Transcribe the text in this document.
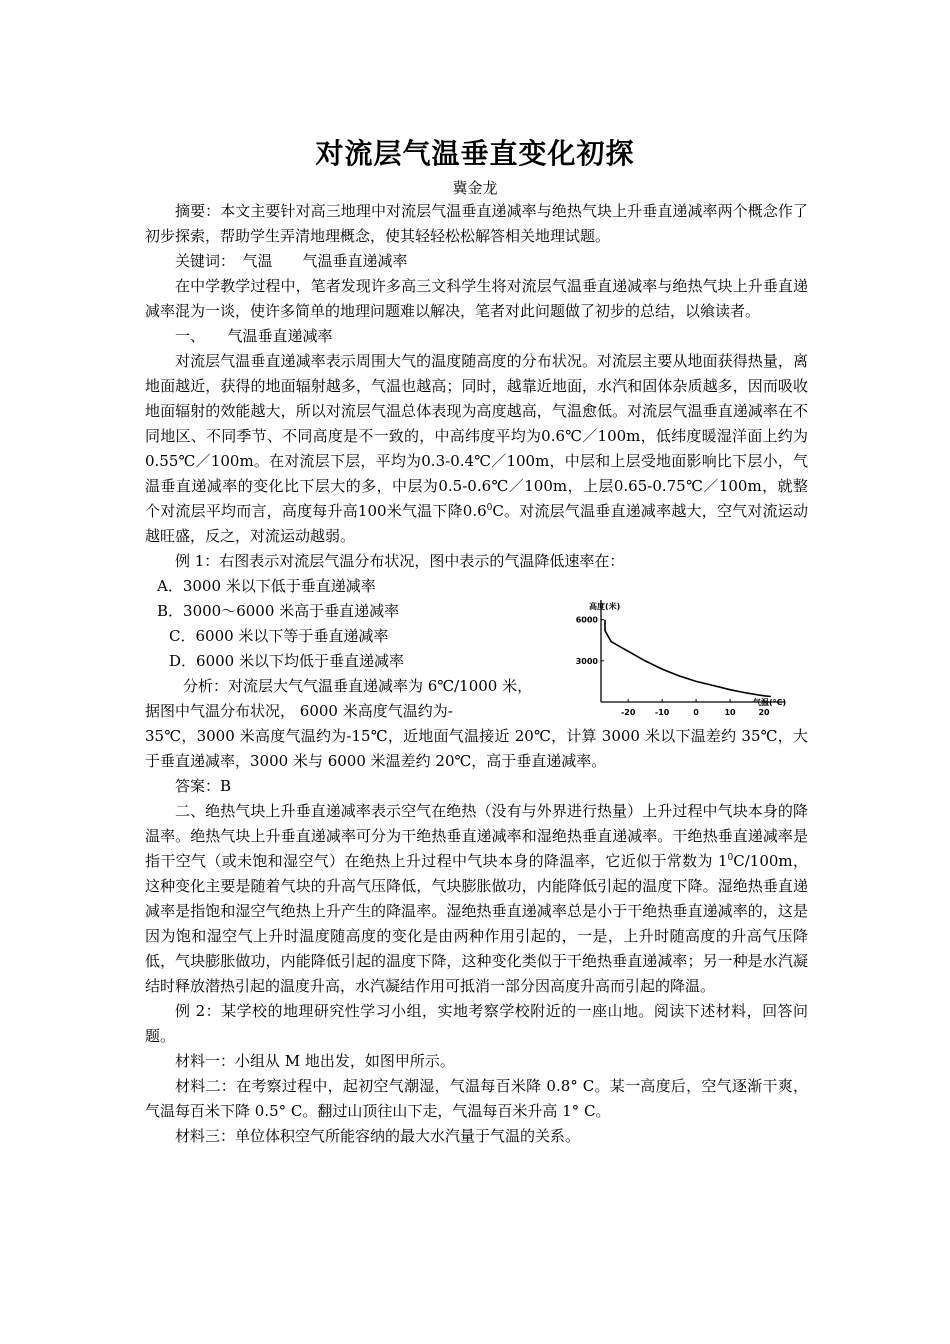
对流层气温垂直变化初探
冀金龙

摘要：本文主要针对高三地理中对流层气温垂直递减率与绝热气块上升垂直递减率两个概念作了初步探索，帮助学生弄清地理概念，使其轻轻松松解答相关地理试题。

关键词：　气温　　气温垂直递减率

在中学教学过程中，笔者发现许多高三文科学生将对流层气温垂直递减率与绝热气块上升垂直递减率混为一谈，使许多简单的地理问题难以解决，笔者对此问题做了初步的总结，以飨读者。

一、　　气温垂直递减率

对流层气温垂直递减率表示周围大气的温度随高度的分布状况。对流层主要从地面获得热量，离地面越近，获得的地面辐射越多，气温也越高；同时，越靠近地面，水汽和固体杂质越多，因而吸收地面辐射的效能越大，所以对流层气温总体表现为高度越高，气温愈低。对流层气温垂直递减率在不同地区、不同季节、不同高度是不一致的，中高纬度平均为0.6℃／100m，低纬度暖湿洋面上约为0.55℃／100m。在对流层下层，平均为0.3-0.4℃／100m，中层和上层受地面影响比下层小，气温垂直递减率的变化比下层大的多，中层为0.5-0.6℃／100m，上层0.65-0.75℃／100m，就整个对流层平均而言，高度每升高100米气温下降$0.6^0C$。对流层气温垂直递减率越大，空气对流运动越旺盛，反之，对流运动越弱。

例 1：右图表示对流层气温分布状况，图中表示的气温降低速率在：

A．3000 米以下低于垂直递减率

B．3000～6000 米高于垂直递减率

C．6000 米以下等于垂直递减率

D．6000 米以下均低于垂直递减率

分析：对流层大气气温垂直递减率为 6℃/1000 米，

据图中气温分布状况， 6000 米高度气温约为-

35℃，3000 米高度气温约为-15℃，近地面气温接近 20℃，计算 3000 米以下温差约 35℃，大于垂直递减率，3000 米与 6000 米温差约 20℃，高于垂直递减率。

答案：B

二、绝热气块上升垂直递减率表示空气在绝热（没有与外界进行热量）上升过程中气块本身的降温率。绝热气块上升垂直递减率可分为干绝热垂直递减率和湿绝热垂直递减率。干绝热垂直递减率是指干空气（或未饱和湿空气）在绝热上升过程中气块本身的降温率，它近似于常数为 $1^0C/100m$，这种变化主要是随着气块的升高气压降低，气块膨胀做功，内能降低引起的温度下降。湿绝热垂直递减率是指饱和湿空气绝热上升产生的降温率。湿绝热垂直递减率总是小于干绝热垂直递减率的，这是因为饱和湿空气上升时温度随高度的变化是由两种作用引起的，一是，上升时随高度的升高气压降低，气块膨胀做功，内能降低引起的温度下降，这种变化类似于干绝热垂直递减率；另一种是水汽凝结时释放潜热引起的温度升高，水汽凝结作用可抵消一部分因高度升高而引起的降温。

例 2：某学校的地理研究性学习小组，实地考察学校附近的一座山地。阅读下述材料，回答问题。

材料一：小组从 M 地出发，如图甲所示。

材料二：在考察过程中，起初空气潮湿，气温每百米降 0.8° C。某一高度后，空气逐渐干爽，气温每百米下降 0.5° C。翻过山顶往山下走，气温每百米升高 1° C。

材料三：单位体积空气所能容纳的最大水汽量于气温的关系。

高度(米)
气温(°C)
3000
6000
-20 -10	0	10	20
